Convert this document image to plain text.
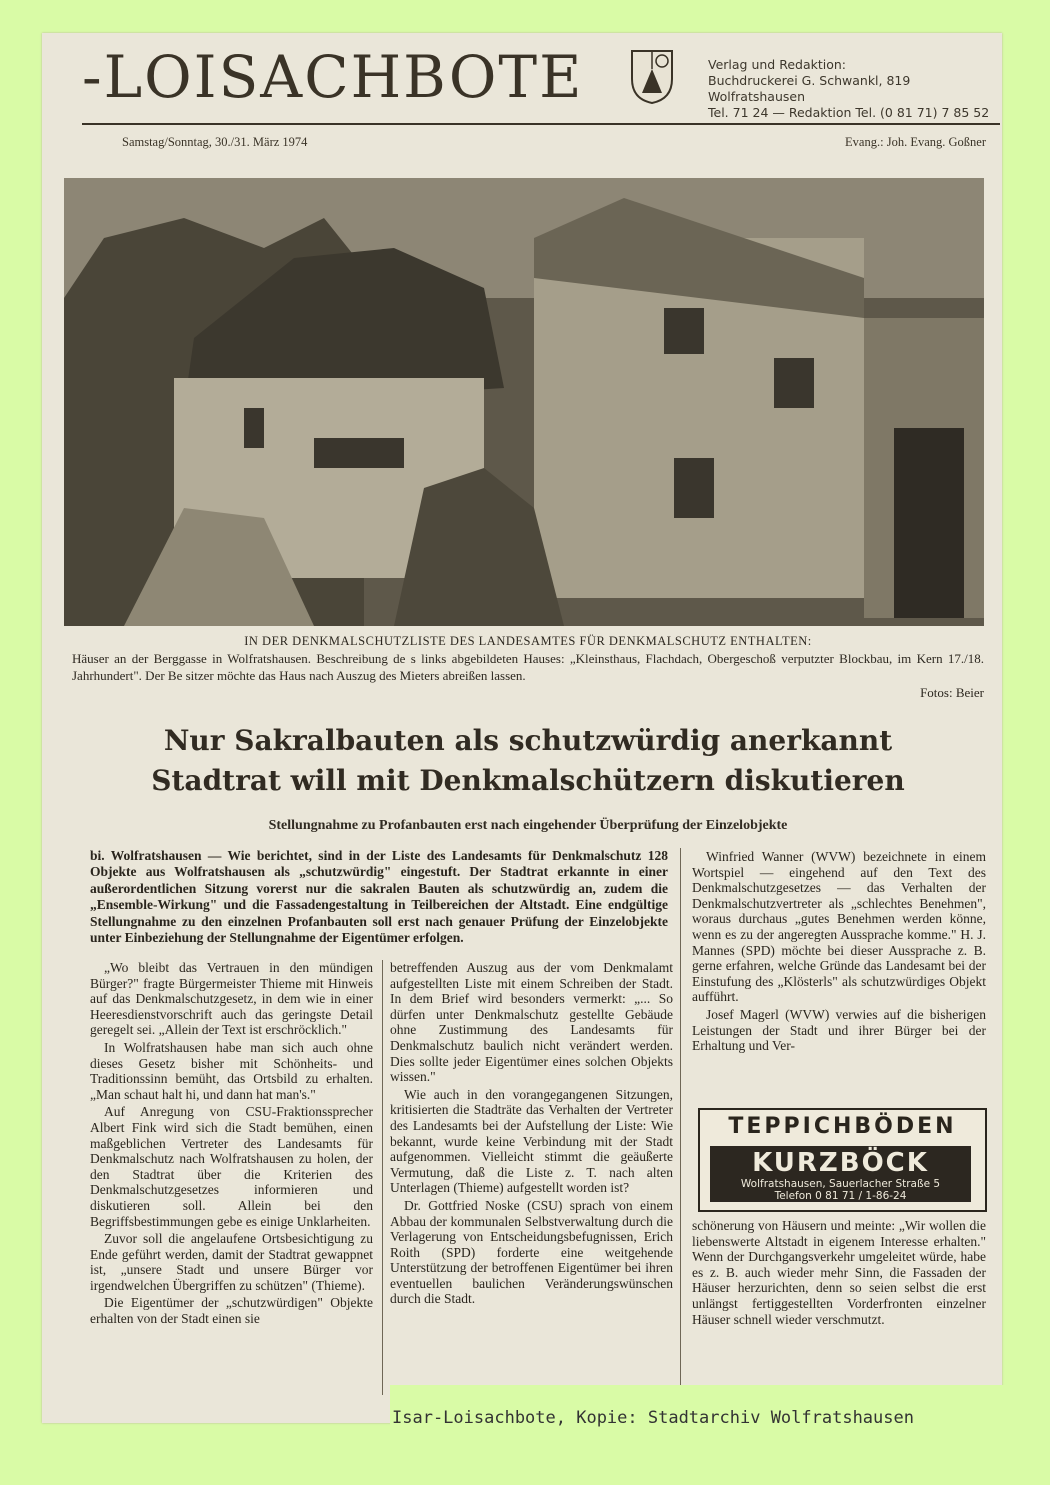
-LOISACHBOTE	Verlag und Redaktion:
Buchdruckerei G. Schwankl, 819 Wolfratshausen
Tel. 71 24 — Redaktion Tel. (0 81 71) 7 85 52
Samstag/Sonntag, 30./31. März 1974	Evang.: Joh. Evang. Goßner
IN DER DENKMALSCHUTZLISTE DES LANDESAMTES FÜR DENKMALSCHUTZ ENTHALTEN:
Häuser an der Berggasse in Wolfratshausen. Beschreibung de s links abgebildeten Hauses: „Kleinsthaus, Flachdach, Obergeschoß verputzter Blockbau, im Kern 17./18. Jahrhundert". Der Be sitzer möchte das Haus nach Auszug des Mieters abreißen lassen.
Fotos: Beier
Nur Sakralbauten als schutzwürdig anerkannt
Stadtrat will mit Denkmalschützern diskutieren
Stellungnahme zu Profanbauten erst nach eingehender Überprüfung der Einzelobjekte
bi. Wolfratshausen — Wie berichtet, sind in der Liste des Landesamts für Denkmalschutz 128 Objekte aus Wolfratshausen als „schutzwürdig" eingestuft. Der Stadtrat erkannte in einer außerordentlichen Sitzung vorerst nur die sakralen Bauten als schutzwürdig an, zudem die „Ensemble-Wirkung" und die Fassadengestaltung in Teilbereichen der Altstadt. Eine endgültige Stellungnahme zu den einzelnen Profanbauten soll erst nach genauer Prüfung der Einzelobjekte unter Einbeziehung der Stellungnahme der Eigentümer erfolgen.

„Wo bleibt das Vertrauen in den mündigen Bürger?" fragte Bürgermeister Thieme mit Hinweis auf das Denkmalschutzgesetz, in dem wie in einer Heeresdienstvorschrift auch das geringste Detail geregelt sei. „Allein der Text ist erschröcklich."

In Wolfratshausen habe man sich auch ohne dieses Gesetz bisher mit Schönheits- und Traditionssinn bemüht, das Ortsbild zu erhalten. „Man schaut halt hi, und dann hat man's."

Auf Anregung von CSU-Fraktionssprecher Albert Fink wird sich die Stadt bemühen, einen maßgeblichen Vertreter des Landesamts für Denkmalschutz nach Wolfratshausen zu holen, der den Stadtrat über die Kriterien des Denkmalschutzgesetzes informieren und diskutieren soll. Allein bei den Begriffsbestimmungen gebe es einige Unklarheiten.

Zuvor soll die angelaufene Ortsbesichtigung zu Ende geführt werden, damit der Stadtrat gewappnet ist, „unsere Stadt und unsere Bürger vor irgendwelchen Übergriffen zu schützen" (Thieme).

Die Eigentümer der „schutzwürdigen" Objekte erhalten von der Stadt einen sie

betreffenden Auszug aus der vom Denkmalamt aufgestellten Liste mit einem Schreiben der Stadt. In dem Brief wird besonders vermerkt: „... So dürfen unter Denkmalschutz gestellte Gebäude ohne Zustimmung des Landesamts für Denkmalschutz baulich nicht verändert werden. Dies sollte jeder Eigentümer eines solchen Objekts wissen."

Wie auch in den vorangegangenen Sitzungen, kritisierten die Stadträte das Verhalten der Vertreter des Landesamts bei der Aufstellung der Liste: Wie bekannt, wurde keine Verbindung mit der Stadt aufgenommen. Vielleicht stimmt die geäußerte Vermutung, daß die Liste z. T. nach alten Unterlagen (Thieme) aufgestellt worden ist?

Dr. Gottfried Noske (CSU) sprach von einem Abbau der kommunalen Selbstverwaltung durch die Verlagerung von Entscheidungsbefugnissen, Erich Roith (SPD) forderte eine weitgehende Unterstützung der betroffenen Eigentümer bei ihren eventuellen baulichen Veränderungswünschen durch die Stadt.

Winfried Wanner (WVW) bezeichnete in einem Wortspiel — eingehend auf den Text des Denkmalschutzgesetzes — das Verhalten der Denkmalschutzvertreter als „schlechtes Benehmen", woraus durchaus „gutes Benehmen werden könne, wenn es zu der angeregten Aussprache komme." H. J. Mannes (SPD) möchte bei dieser Aussprache z. B. gerne erfahren, welche Gründe das Landesamt bei der Einstufung des „Klösterls" als schutzwürdiges Objekt aufführt.

Josef Magerl (WVW) verwies auf die bisherigen Leistungen der Stadt und ihrer Bürger bei der Erhaltung und Ver-

TEPPICHBÖDEN
KURZBÖCK
Wolfratshausen, Sauerlacher Straße 5
Telefon 0 81 71 / 1-86-24

schönerung von Häusern und meinte: „Wir wollen die liebenswerte Altstadt in eigenem Interesse erhalten." Wenn der Durchgangsverkehr umgeleitet würde, habe es z. B. auch wieder mehr Sinn, die Fassaden der Häuser herzurichten, denn so seien selbst die erst unlängst fertiggestellten Vorderfronten einzelner Häuser schnell wieder verschmutzt.

Isar-Loisachbote, Kopie: Stadtarchiv Wolfratshausen
